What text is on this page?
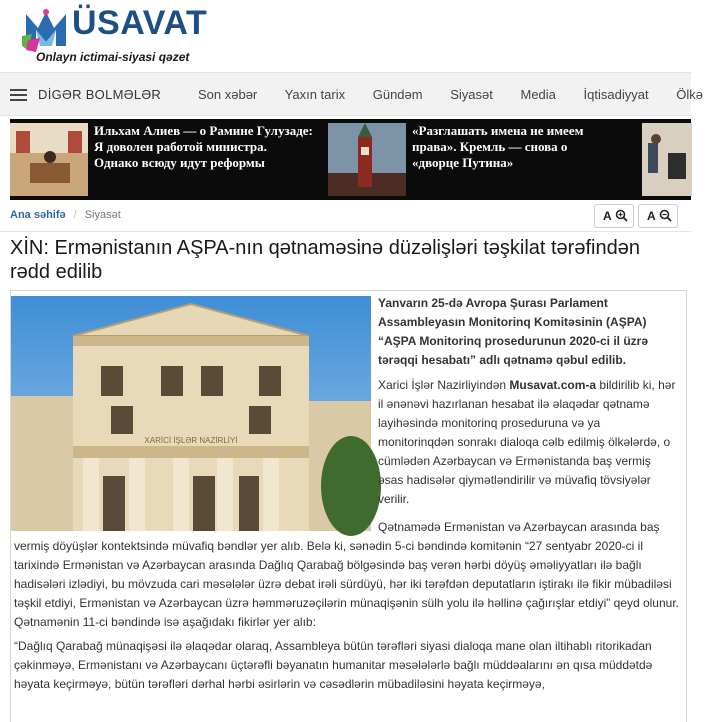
ÜSAVAT
Onlayn ictimai-siyasi qəzet
DİGƏR BOLMƏLƏR	Son xəbər Yaxın tarix Gündəm Siyasət Media İqtisadiyyat Ölkə
Ильхам Алиев — о Рамине Гулузаде: Я доволен работой министра. Однако всюду идут реформы
«Разглашать имена не имеем права». Кремль — снова о «дворце Путина»
Ana səhifə / Siyasət	A	A
XİN: Ermənistanın AŞPA-nın qətnaməsinə düzəlişləri təşkilat tərəfindən rədd edilib
XARİCİ İŞLƏR NAZİRLİYİ
Yanvarın 25-də Avropa Şurası Parlament Assambleyasın Monitorinq Komitəsinin (AŞPA) “AŞPA Monitorinq prosedurunun 2020-ci il üzrə tərəqqi hesabatı” adlı qətnamə qəbul edilib.
Xarici İşlər Nazirliyindən Musavat.com-a bildirilib ki, hər il ənənəvi hazırlanan hesabat ilə əlaqədar qətnamə layihəsində monitorinq proseduruna və ya monitorinqdən sonrakı dialoqa cəlb edilmiş ölkələrdə, o cümlədən Azərbaycan və Ermənistanda baş vermiş əsas hadisələr qiymətləndirilir və müvafiq tövsiyələr verilir.
Qətnamədə Ermənistan və Azərbaycan arasında baş
vermiş döyüşlər kontektsində müvafiq bəndlər yer alıb. Belə ki, sənədin 5-ci bəndində komitənin “27 sentyabr 2020-ci il tarixində Ermənistan və Azərbaycan arasında Dağlıq Qarabağ bölgəsində baş verən hərbi döyüş əməliyyatları ilə bağlı hadisələri izlədiyi, bu mövzuda cari məsələlər üzrə debat irəli sürdüyü, hər iki tərəfdən deputatların iştirakı ilə fikir mübadiləsi təşkil etdiyi, Ermənistan və Azərbaycan üzrə həmməruzəçilərin münaqişənin sülh yolu ilə həllinə çağırışlar etdiyi” qeyd olunur. Qətnamənin 11-ci bəndində isə aşağıdakı fikirlər yer alıb:
“Dağlıq Qarabağ münaqişəsi ilə əlaqədar olaraq, Assambleya bütün tərəfləri siyasi dialoqa mane olan iltihablı ritorikadan çəkinməyə, Ermənistanı və Azərbaycanı üçtərəfli bəyanatın humanitar məsələlərlə bağlı müddəalarını ən qısa müddətdə həyata keçirməyə, bütün tərəfləri dərhal hərbi əsirlərin və cəsədlərin mübadiləsini həyata keçirməyə,
